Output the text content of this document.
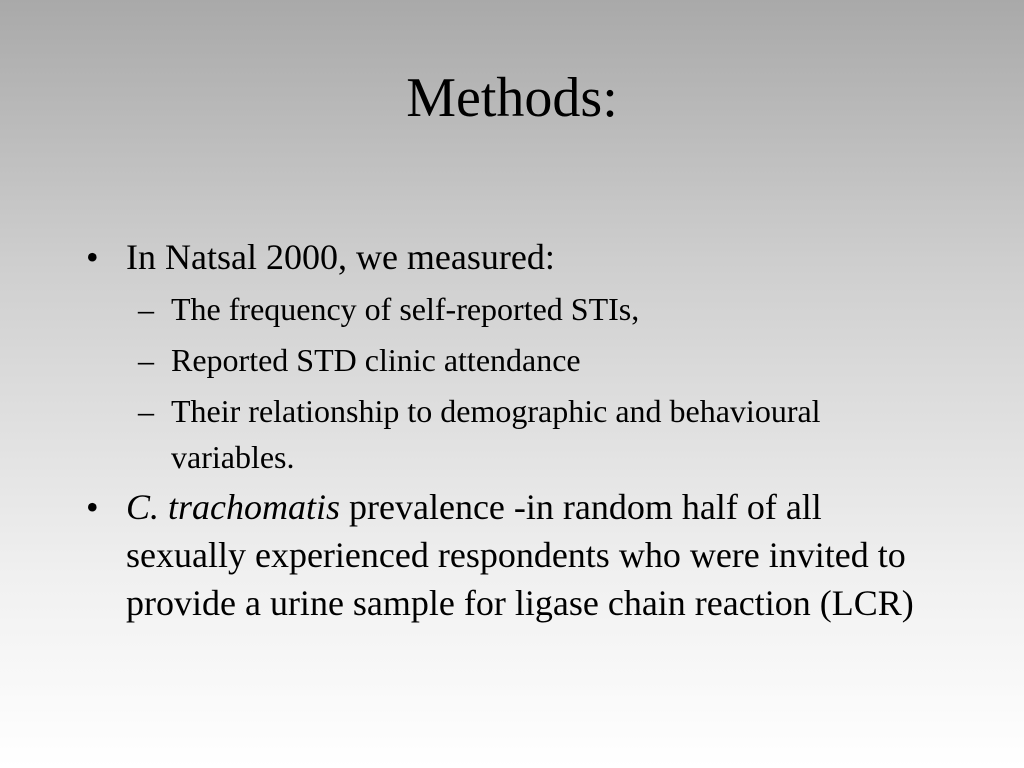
Methods:
• In Natsal 2000, we measured:
– The frequency of self-reported STIs,
– Reported STD clinic attendance
– Their relationship to demographic and behavioural variables.
• C. trachomatis prevalence -in random half of all sexually experienced respondents who were invited to provide a urine sample for ligase chain reaction (LCR)
